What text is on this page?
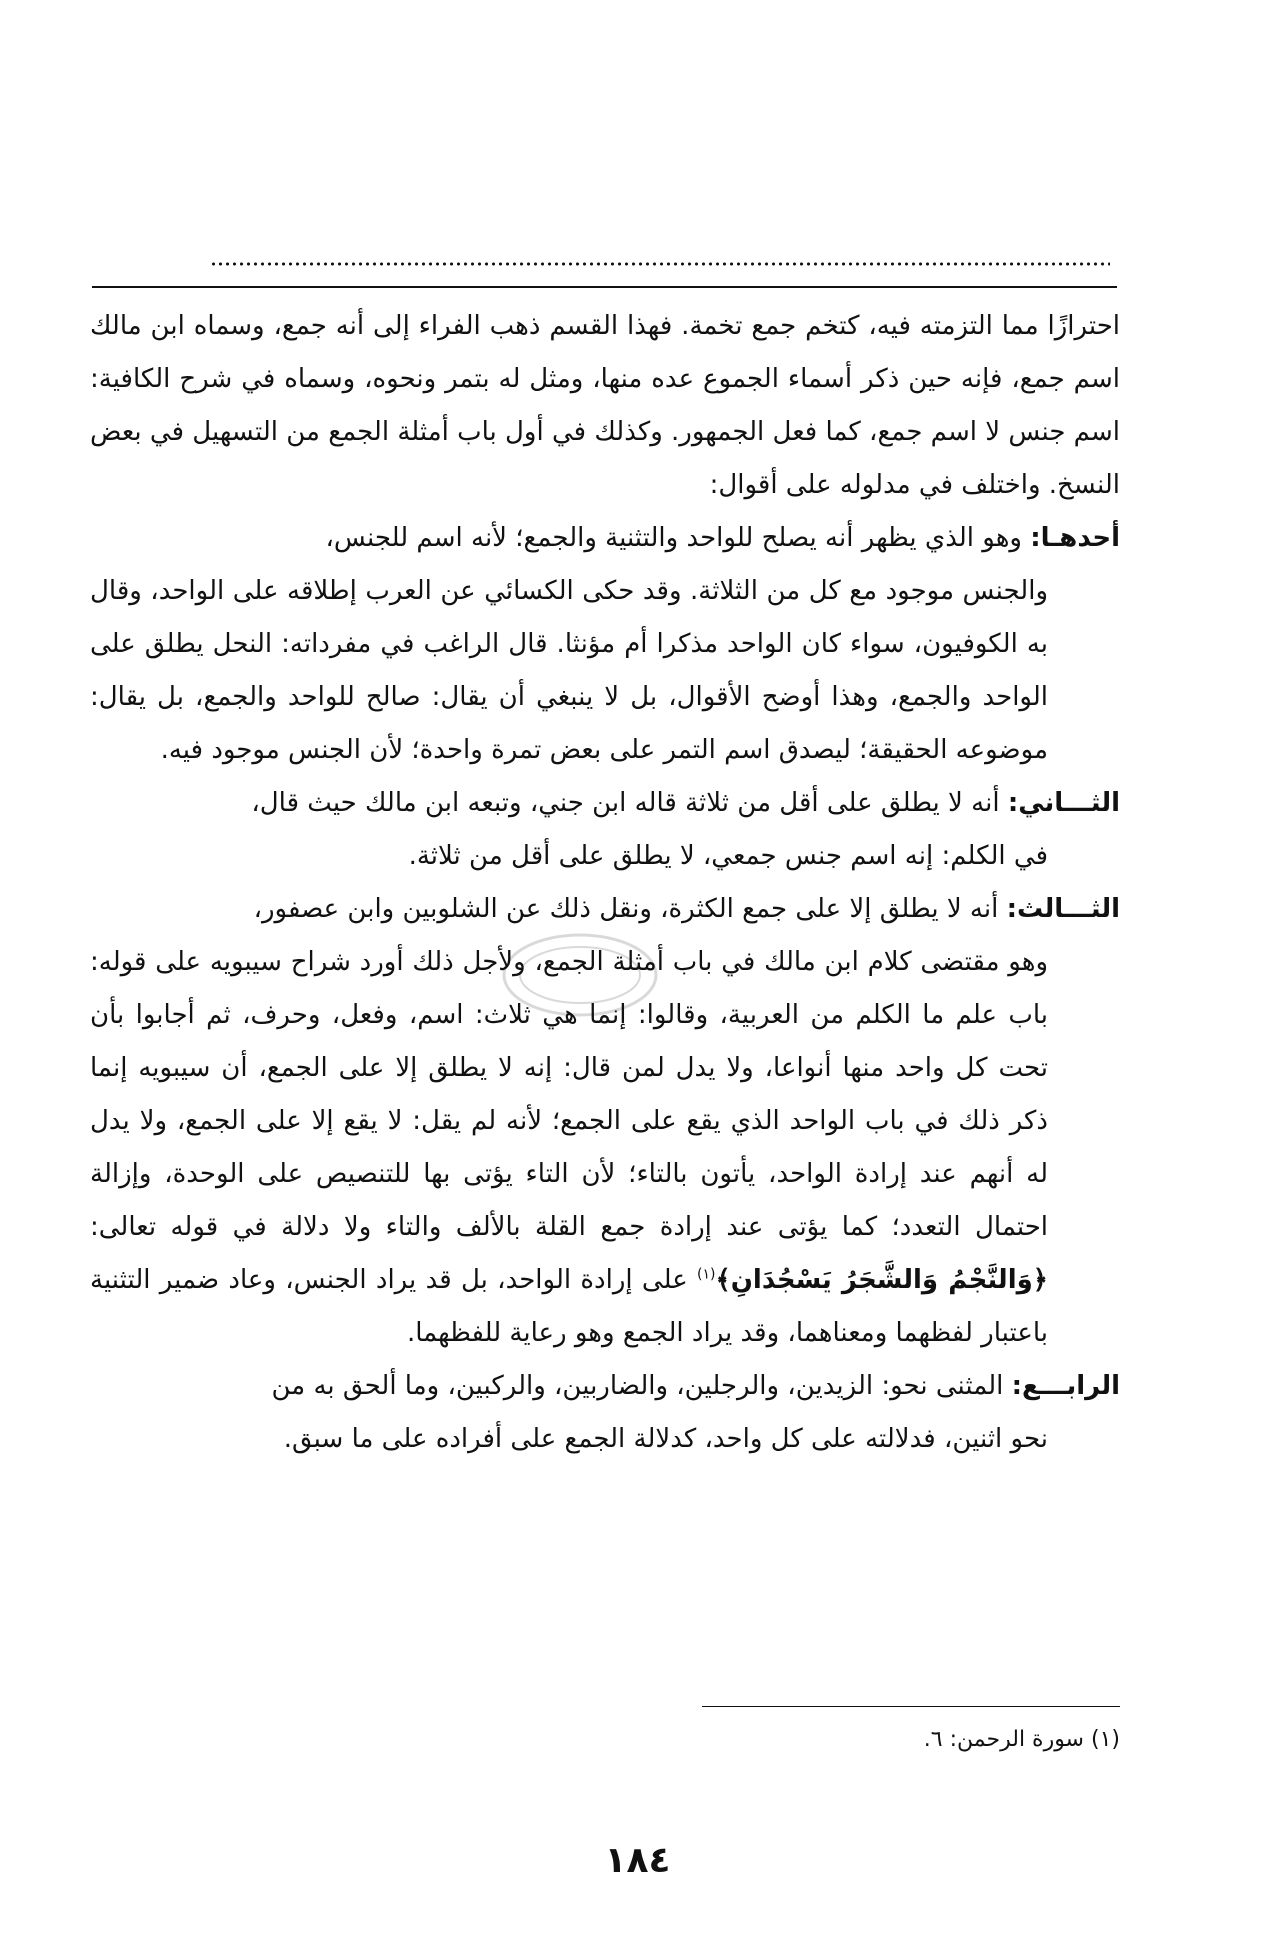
احترازًا مما التزمته فيه، كتخم جمع تخمة. فهذا القسم ذهب الفراء إلى أنه جمع، وسماه ابن مالك اسم جمع، فإنه حين ذكر أسماء الجموع عده منها، ومثل له بتمر ونحوه، وسماه في شرح الكافية: اسم جنس لا اسم جمع، كما فعل الجمهور. وكذلك في أول باب أمثلة الجمع من التسهيل في بعض النسخ. واختلف في مدلوله على أقوال:

أحدهـا: وهو الذي يظهر أنه يصلح للواحد والتثنية والجمع؛ لأنه اسم للجنس،
والجنس موجود مع كل من الثلاثة. وقد حكى الكسائي عن العرب إطلاقه على الواحد، وقال به الكوفيون، سواء كان الواحد مذكرا أم مؤنثا. قال الراغب في مفرداته: النحل يطلق على الواحد والجمع، وهذا أوضح الأقوال، بل لا ينبغي أن يقال: صالح للواحد والجمع، بل يقال: موضوعه الحقيقة؛ ليصدق اسم التمر على بعض تمرة واحدة؛ لأن الجنس موجود فيه.
الثـــاني: أنه لا يطلق على أقل من ثلاثة قاله ابن جني، وتبعه ابن مالك حيث قال،
في الكلم: إنه اسم جنس جمعي، لا يطلق على أقل من ثلاثة.
الثـــالث: أنه لا يطلق إلا على جمع الكثرة، ونقل ذلك عن الشلوبين وابن عصفور،
وهو مقتضى كلام ابن مالك في باب أمثلة الجمع، ولأجل ذلك أورد شراح سيبويه على قوله: باب علم ما الكلم من العربية، وقالوا: إنما هي ثلاث: اسم، وفعل، وحرف، ثم أجابوا بأن تحت كل واحد منها أنواعا، ولا يدل لمن قال: إنه لا يطلق إلا على الجمع، أن سيبويه إنما ذكر ذلك في باب الواحد الذي يقع على الجمع؛ لأنه لم يقل: لا يقع إلا على الجمع، ولا يدل له أنهم عند إرادة الواحد، يأتون بالتاء؛ لأن التاء يؤتى بها للتنصيص على الوحدة، وإزالة احتمال التعدد؛ كما يؤتى عند إرادة جمع القلة بالألف والتاء ولا دلالة في قوله تعالى: ﴿وَالنَّجْمُ وَالشَّجَرُ يَسْجُدَانِ﴾$^{(١)}$ على إرادة الواحد، بل قد يراد الجنس، وعاد ضمير التثنية باعتبار لفظهما ومعناهما، وقد يراد الجمع وهو رعاية للفظهما.
الرابـــع: المثنى نحو: الزيدين، والرجلين، والضاربين، والركبين، وما ألحق به من
نحو اثنين، فدلالته على كل واحد، كدلالة الجمع على أفراده على ما سبق.
(١) سورة الرحمن: ٦.
١٨٤
